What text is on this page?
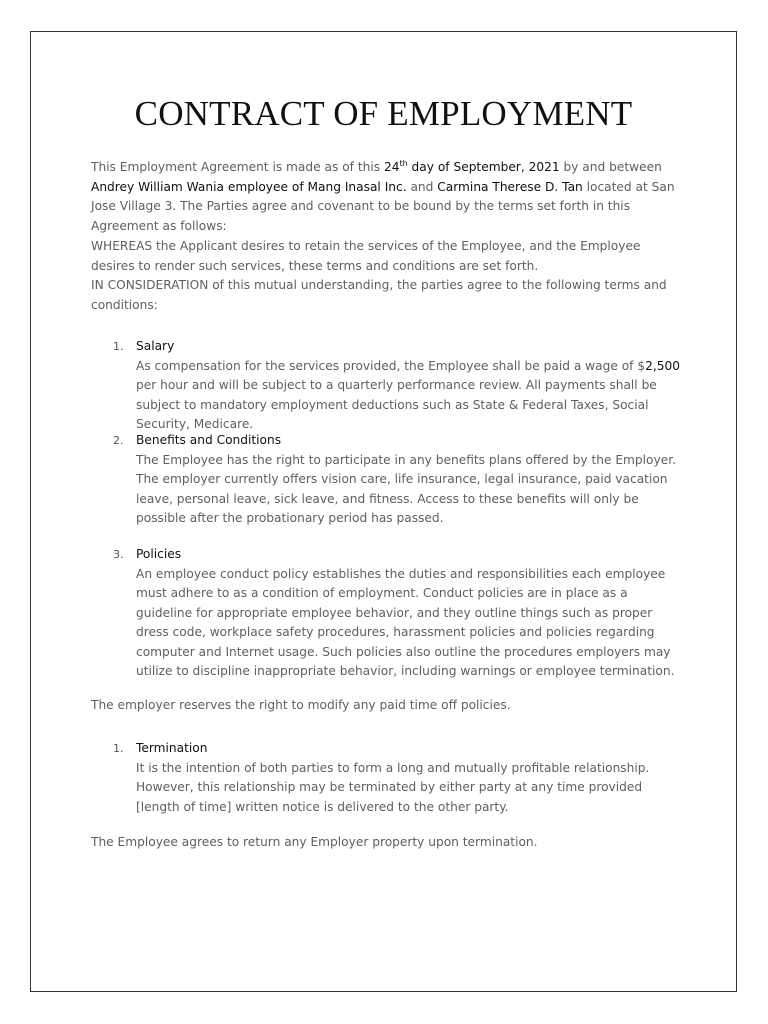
CONTRACT OF EMPLOYMENT

This Employment Agreement is made as of this 24th day of September, 2021 by and between Andrey William Wania employee of Mang Inasal Inc. and Carmina Therese D. Tan located at San Jose Village 3. The Parties agree and covenant to be bound by the terms set forth in this Agreement as follows:

WHEREAS the Applicant desires to retain the services of the Employee, and the Employee desires to render such services, these terms and conditions are set forth.

IN CONSIDERATION of this mutual understanding, the parties agree to the following terms and conditions:

1.	Salary
As compensation for the services provided, the Employee shall be paid a wage of $2,500 per hour and will be subject to a quarterly performance review. All payments shall be subject to mandatory employment deductions such as State & Federal Taxes, Social Security, Medicare.
2.	Benefits and Conditions
The Employee has the right to participate in any benefits plans offered by the Employer. The employer currently offers vision care, life insurance, legal insurance, paid vacation leave, personal leave, sick leave, and fitness. Access to these benefits will only be possible after the probationary period has passed.
3.	Policies
An employee conduct policy establishes the duties and responsibilities each employee must adhere to as a condition of employment. Conduct policies are in place as a guideline for appropriate employee behavior, and they outline things such as proper dress code, workplace safety procedures, harassment policies and policies regarding computer and Internet usage. Such policies also outline the procedures employers may utilize to discipline inappropriate behavior, including warnings or employee termination.

The employer reserves the right to modify any paid time off policies.

1.	Termination
It is the intention of both parties to form a long and mutually profitable relationship. However, this relationship may be terminated by either party at any time provided [length of time] written notice is delivered to the other party.

The Employee agrees to return any Employer property upon termination.
